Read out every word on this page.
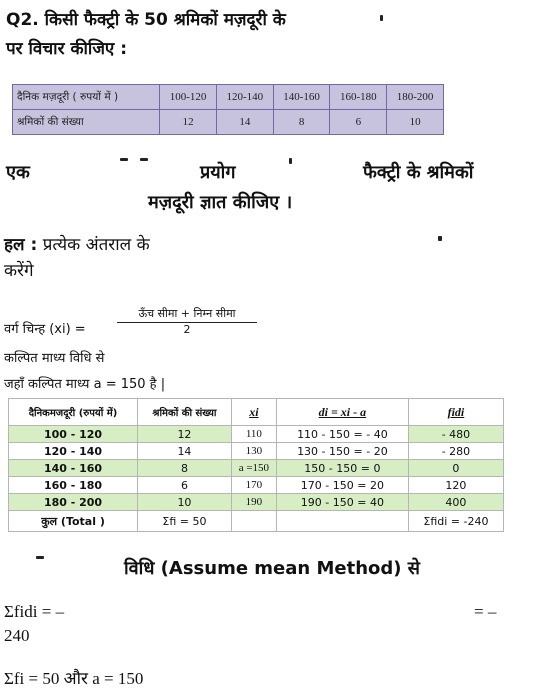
Q2. किसी फैक्ट्री के 50 श्रमिकों मज़दूरी के
पर विचार कीजिए :
दैनिक मज़दूरी ( रुपयों में )	100-120	120-140	140-160	160-180	180-200
श्रमिकों की संख्या	12	14	8	6	10
एक	प्रयोग	फैक्ट्री के श्रमिकों
मज़दूरी ज्ञात कीजिए ।
हल : प्रत्येक अंतराल के
करेंगे
वर्ग चिन्ह (xi) =
ऊँच सीमा + निम्न सीमा
2
कल्पित माध्य विधि से
जहाँ कल्पित माध्य a = 150 है |
दैनिकमजदूरी (रुपयों में)	श्रमिकों की संख्या	xi	di = xi - a	fidi
100 - 120	12	110	110 - 150 = - 40	- 480
120 - 140	14	130	130 - 150 = - 20	- 280
140 - 160	8	a =150	150 - 150 = 0	0
160 - 180	6	170	170 - 150 = 20	120
180 - 200	10	190	190 - 150 = 40	400
कुल (Total )	Σfi = 50			Σfidi = -240
विधि (Assume mean Method) से
Σfidi = –	= –
240
Σfi = 50 और a = 150
